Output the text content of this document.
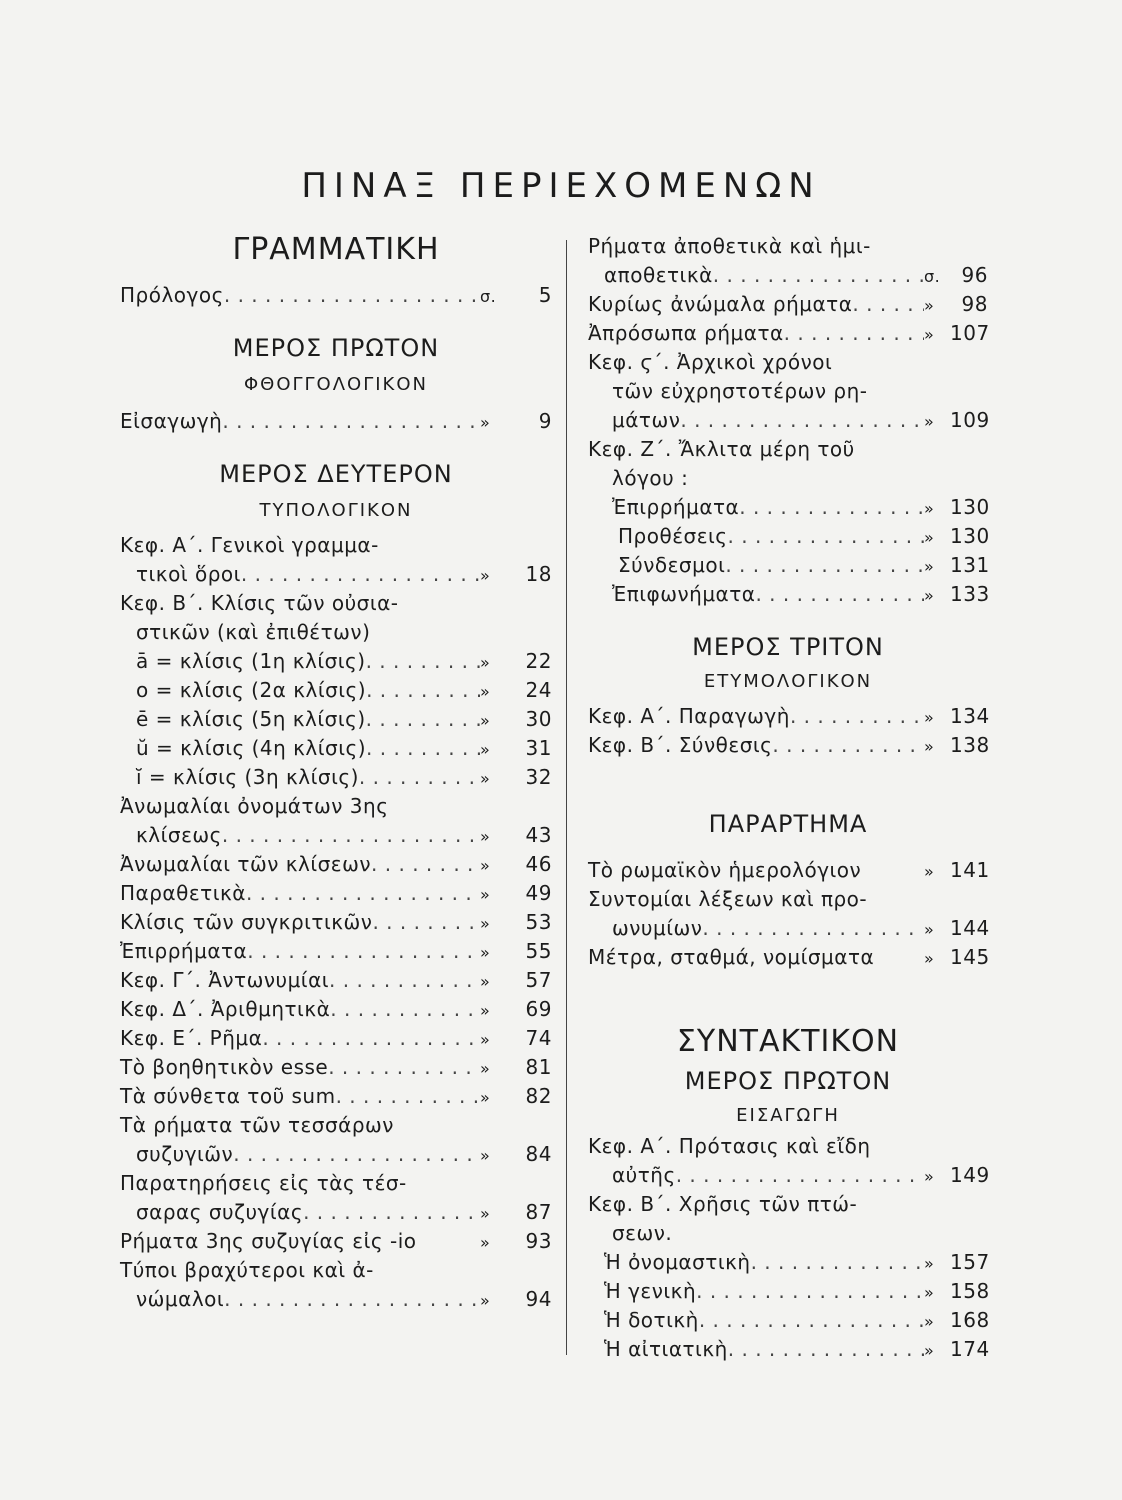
ΠΙΝΑΞ ΠΕΡΙΕΧΟΜΕΝΩΝ
ΓΡΑΜΜΑΤΙΚΗ
Πρόλογος . . .	σ.	5
ΜΕΡΟΣ ΠΡΩΤΟΝ
ΦΘΟΓΓΟΛΟΓΙΚΟΝ
Εἰσαγωγὴ . . .	»	9
ΜΕΡΟΣ ΔΕΥΤΕΡΟΝ
ΤΥΠΟΛΟΓΙΚΟΝ
Κεφ. Α΄. Γενικοὶ γραμμα-
τικοὶ ὅροι . . .	»	18
Κεφ. Β΄. Κλίσις τῶν οὐσια-
στικῶν (καὶ ἐπιθέτων)
ā = κλίσις (1η κλίσις) . . .	»	22
o = κλίσις (2α κλίσις) . . .	»	24
ē = κλίσις (5η κλίσις) . . .	»	30
ŭ = κλίσις (4η κλίσις) . . .	»	31
ĭ = κλίσις (3η κλίσις) . . .	»	32
Ἀνωμαλίαι ὀνομάτων 3ης
κλίσεως . . .	»	43
Ἀνωμαλίαι τῶν κλίσεων . . .	»	46
Παραθετικὰ . . .	»	49
Κλίσις τῶν συγκριτικῶν . . .	»	53
Ἐπιρρήματα . . .	»	55
Κεφ. Γ΄. Ἀντωνυμίαι . . .	»	57
Κεφ. Δ΄. Ἀριθμητικὰ . . .	»	69
Κεφ. Ε΄. Ρῆμα . . .	»	74
Τὸ βοηθητικὸν esse . . .	»	81
Τὰ σύνθετα τοῦ sum . . .	»	82
Τὰ ρήματα τῶν τεσσάρων
συζυγιῶν . . .	»	84
Παρατηρήσεις εἰς τὰς τέσ-
σαρας συζυγίας . . .	»	87
Ρήματα 3ης συζυγίας εἰς -io	»	93
Τύποι βραχύτεροι καὶ ἀ-
νώμαλοι . . .	»	94
Ρήματα ἀποθετικὰ καὶ ἡμι-
αποθετικὰ . . .	σ.	96
Κυρίως ἀνώμαλα ρήματα . . .	»	98
Ἀπρόσωπα ρήματα . . .	» 107
Κεφ. ϛ΄. Ἀρχικοὶ χρόνοι
τῶν εὐχρηστοτέρων ρη-
μάτων . . .	» 109
Κεφ. Ζ΄. Ἄκλιτα μέρη τοῦ
λόγου :
Ἐπιρρήματα . . .	» 130
Προθέσεις . . .	» 130
Σύνδεσμοι . . .	» 131
Ἐπιφωνήματα . . .	» 133
ΜΕΡΟΣ ΤΡΙΤΟΝ
ΕΤΥΜΟΛΟΓΙΚΟΝ
Κεφ. Α΄. Παραγωγὴ . . .	» 134
Κεφ. Β΄. Σύνθεσις . . .	» 138
ΠΑΡΑΡΤΗΜΑ
Τὸ ρωμαϊκὸν ἡμερολόγιον	» 141
Συντομίαι λέξεων καὶ προ-
ωνυμίων . . .	» 144
Μέτρα, σταθμά, νομίσματα	» 145
ΣΥΝΤΑΚΤΙΚΟΝ
ΜΕΡΟΣ ΠΡΩΤΟΝ
ΕΙΣΑΓΩΓΗ
Κεφ. Α΄. Πρότασις καὶ εἴδη
αὐτῆς . . .	» 149
Κεφ. Β΄. Χρῆσις τῶν πτώ-
σεων.
Ἡ ὀνομαστικὴ . . .	» 157
Ἡ γενικὴ . . .	» 158
Ἡ δοτικὴ . . .	» 168
Ἡ αἰτιατικὴ . . .	» 174
